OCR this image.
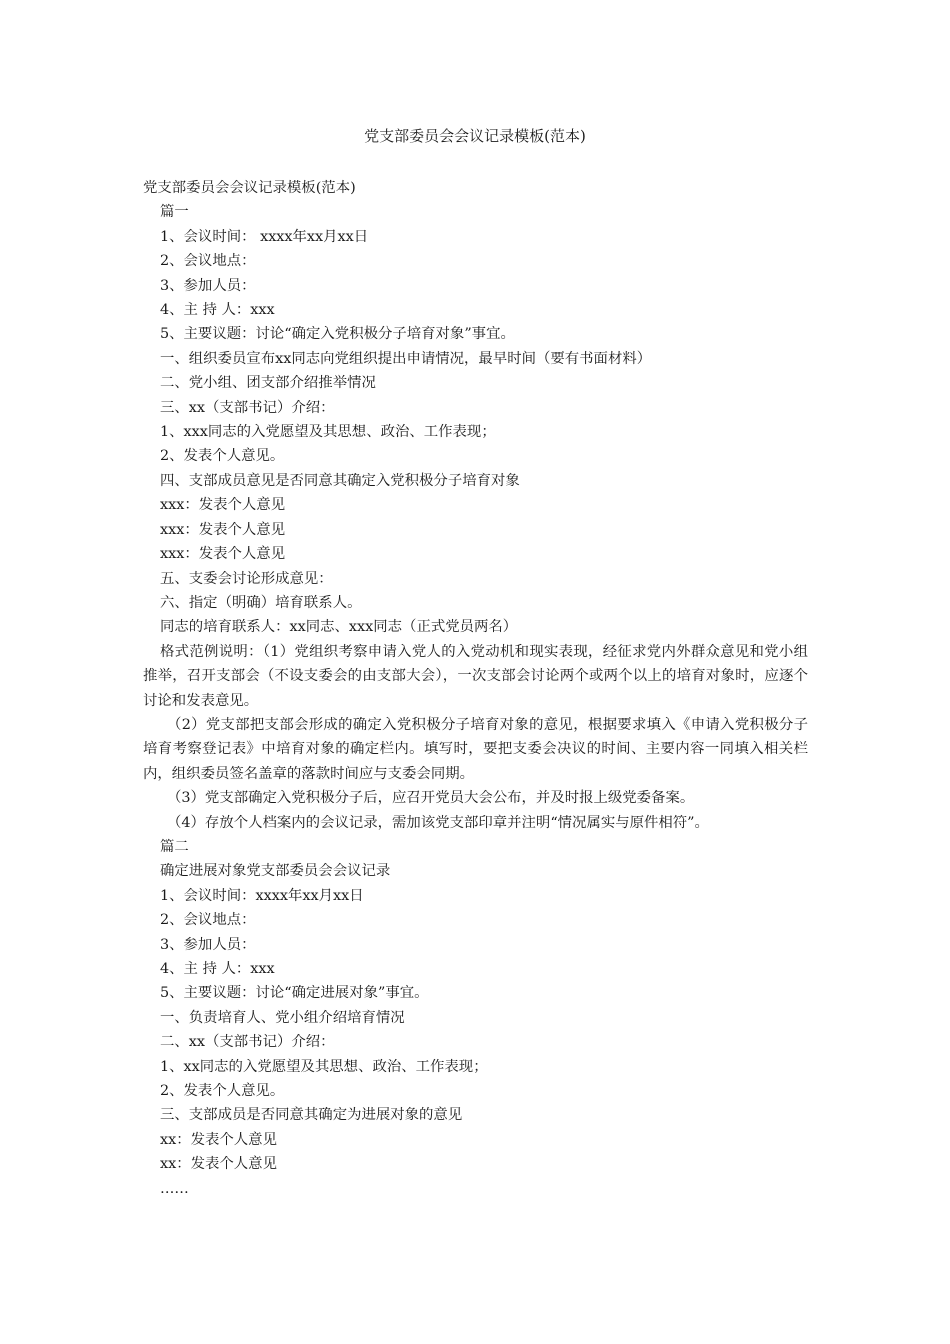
党支部委员会会议记录模板(范本)

党支部委员会会议记录模板(范本)

篇一

1、会议时间： xxxx年xx月xx日

2、会议地点：

3、参加人员：

4、主 持 人：xxx

5、主要议题：讨论“确定入党积极分子培育对象”事宜。

一、组织委员宣布xx同志向党组织提出申请情况，最早时间（要有书面材料）

二、党小组、团支部介绍推举情况

三、xx（支部书记）介绍：

1、xxx同志的入党愿望及其思想、政治、工作表现；

2、发表个人意见。

四、支部成员意见是否同意其确定入党积极分子培育对象

xxx：发表个人意见

xxx：发表个人意见

xxx：发表个人意见

五、支委会讨论形成意见：

六、指定（明确）培育联系人。

同志的培育联系人：xx同志、xxx同志（正式党员两名）

格式范例说明：（1）党组织考察申请入党人的入党动机和现实表现，经征求党内外群众意见和党小组推举，召开支部会（不设支委会的由支部大会），一次支部会讨论两个或两个以上的培育对象时，应逐个讨论和发表意见。

（2）党支部把支部会形成的确定入党积极分子培育对象的意见，根据要求填入《申请入党积极分子培育考察登记表》中培育对象的确定栏内。填写时，要把支委会决议的时间、主要内容一同填入相关栏内，组织委员签名盖章的落款时间应与支委会同期。

（3）党支部确定入党积极分子后，应召开党员大会公布，并及时报上级党委备案。

（4）存放个人档案内的会议记录，需加该党支部印章并注明“情况属实与原件相符”。

篇二

确定进展对象党支部委员会会议记录

1、会议时间：xxxx年xx月xx日

2、会议地点：

3、参加人员：

4、主 持 人：xxx

5、主要议题：讨论“确定进展对象”事宜。

一、负责培育人、党小组介绍培育情况

二、xx（支部书记）介绍：

1、xx同志的入党愿望及其思想、政治、工作表现；

2、发表个人意见。

三、支部成员是否同意其确定为进展对象的意见

xx：发表个人意见

xx：发表个人意见

……
